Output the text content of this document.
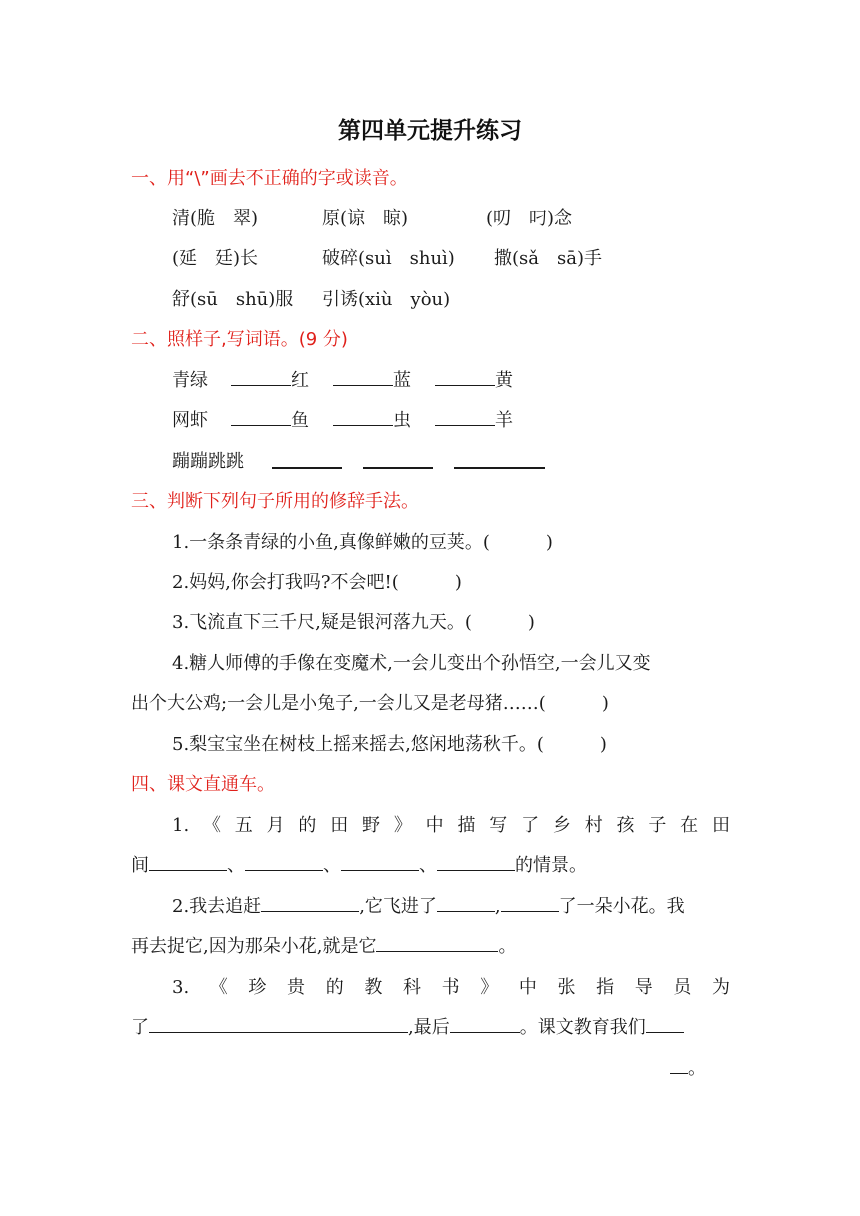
第四单元提升练习
一、用“\”画去不正确的字或读音。
清(脆　翠)	原(谅　晾)	(叨　叼)念
(延　廷)长	破碎(suì　shuì) 撒(sǎ　sā)手
舒(sū　shū)服 引诱(xiù　yòu)
二、照样子,写词语。(9 分)
青绿	红	蓝	黄
网虾	鱼	虫	羊
蹦蹦跳跳
三、判断下列句子所用的修辞手法。
1.一条条青绿的小鱼,真像鲜嫩的豆荚。(	)
2.妈妈,你会打我吗?不会吧!(	)
3.飞流直下三千尺,疑是银河落九天。(	)
4.糖人师傅的手像在变魔术,一会儿变出个孙悟空,一会儿又变
出个大公鸡;一会儿是小兔子,一会儿又是老母猪……(	)
5.梨宝宝坐在树枝上摇来摇去,悠闲地荡秋千。(	)
四、课文直通车。
1.《五月的田野》中描写了乡村孩子在田
间	、	、	、	的情景。
2.我去追赶	,它飞进了	,	了一朵小花。我
再去捉它,因为那朵小花,就是它	。
3.《珍贵的教科书》中张指导员为
了	,最后	。课文教育我们
。
